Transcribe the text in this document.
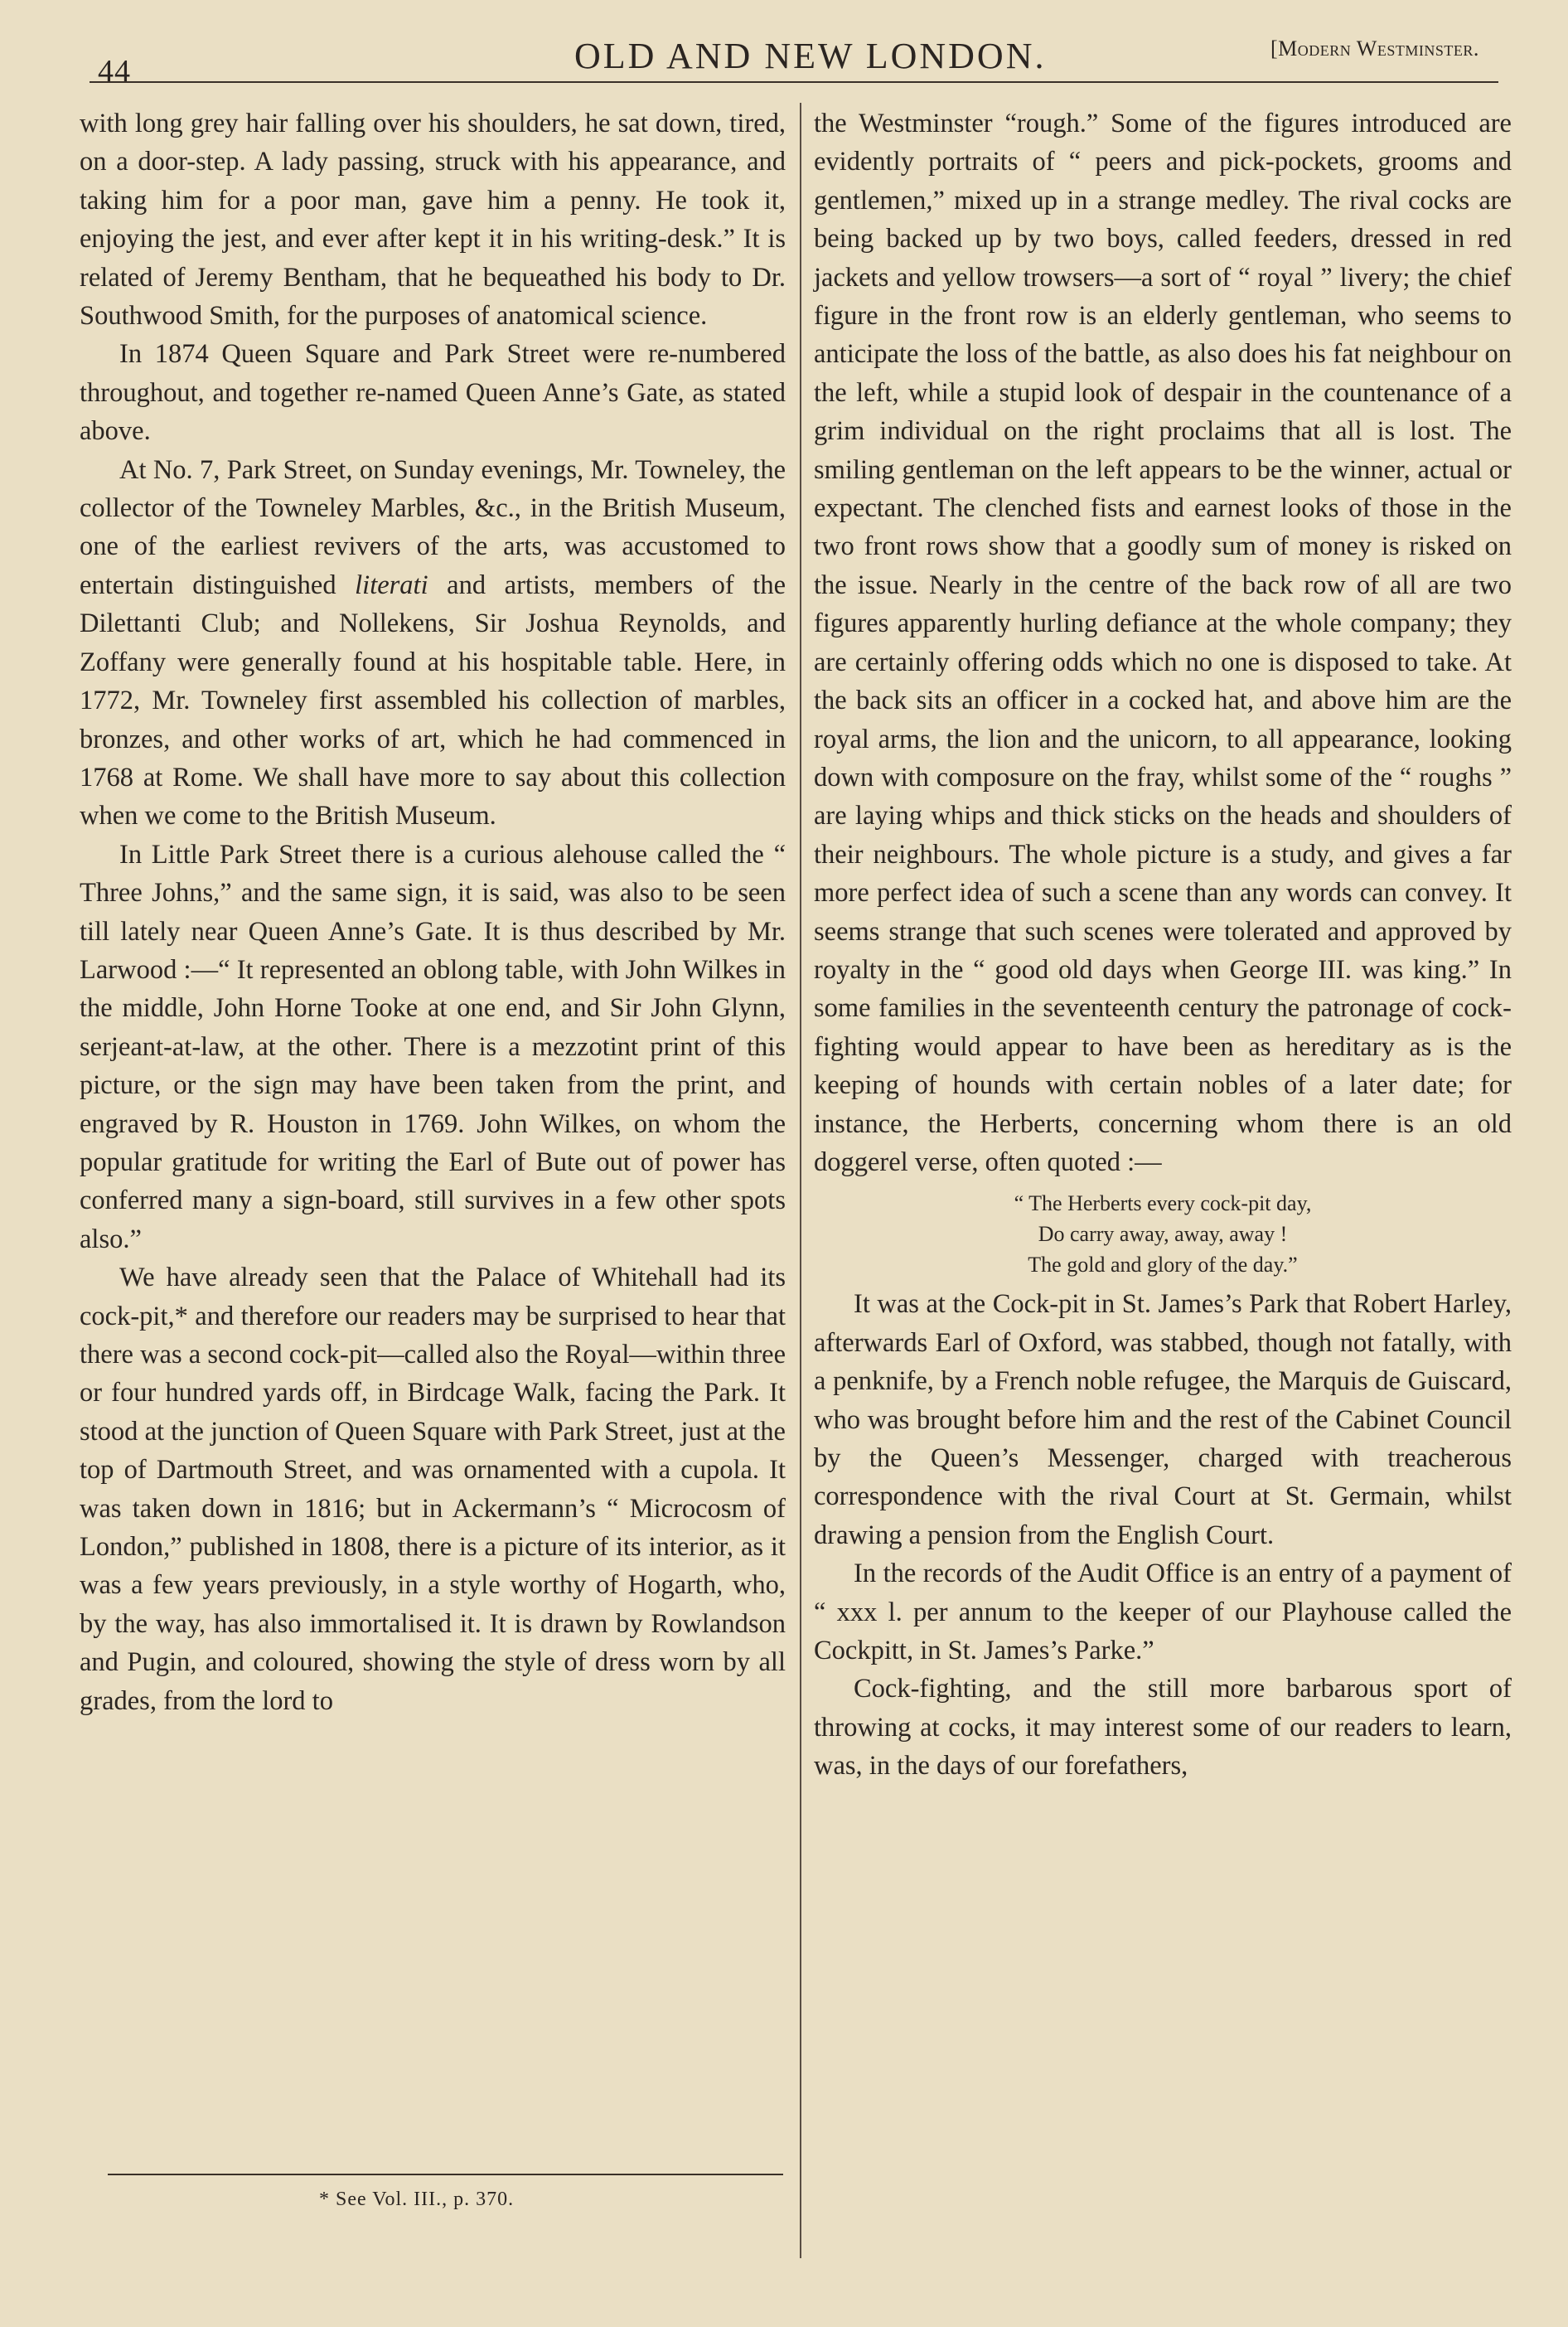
44	OLD AND NEW LONDON.	[Modern Westminster.

with long grey hair falling over his shoulders, he sat down, tired, on a door-step. A lady passing, struck with his appearance, and taking him for a poor man, gave him a penny. He took it, enjoying the jest, and ever after kept it in his writing-desk.” It is related of Jeremy Bentham, that he bequeathed his body to Dr. Southwood Smith, for the purposes of anatomical science.

In 1874 Queen Square and Park Street were re-numbered throughout, and together re-named Queen Anne’s Gate, as stated above.

At No. 7, Park Street, on Sunday evenings, Mr. Towneley, the collector of the Towneley Marbles, &c., in the British Museum, one of the earliest revivers of the arts, was accustomed to entertain distinguished literati and artists, members of the Dilettanti Club; and Nollekens, Sir Joshua Reynolds, and Zoffany were generally found at his hospitable table. Here, in 1772, Mr. Towneley first assembled his collection of marbles, bronzes, and other works of art, which he had commenced in 1768 at Rome. We shall have more to say about this collection when we come to the British Museum.

In Little Park Street there is a curious alehouse called the “ Three Johns,” and the same sign, it is said, was also to be seen till lately near Queen Anne’s Gate. It is thus described by Mr. Larwood :—“ It represented an oblong table, with John Wilkes in the middle, John Horne Tooke at one end, and Sir John Glynn, serjeant-at-law, at the other. There is a mezzotint print of this picture, or the sign may have been taken from the print, and engraved by R. Houston in 1769. John Wilkes, on whom the popular gratitude for writing the Earl of Bute out of power has conferred many a sign-board, still survives in a few other spots also.”

We have already seen that the Palace of Whitehall had its cock-pit,* and therefore our readers may be surprised to hear that there was a second cock-pit—called also the Royal—within three or four hundred yards off, in Birdcage Walk, facing the Park. It stood at the junction of Queen Square with Park Street, just at the top of Dartmouth Street, and was ornamented with a cupola. It was taken down in 1816; but in Ackermann’s “ Microcosm of London,” published in 1808, there is a picture of its interior, as it was a few years previously, in a style worthy of Hogarth, who, by the way, has also immortalised it. It is drawn by Rowlandson and Pugin, and coloured, showing the style of dress worn by all grades, from the lord to

the Westminster “rough.” Some of the figures introduced are evidently portraits of “ peers and pick-pockets, grooms and gentlemen,” mixed up in a strange medley. The rival cocks are being backed up by two boys, called feeders, dressed in red jackets and yellow trowsers—a sort of “ royal ” livery; the chief figure in the front row is an elderly gentleman, who seems to anticipate the loss of the battle, as also does his fat neighbour on the left, while a stupid look of despair in the countenance of a grim individual on the right proclaims that all is lost. The smiling gentleman on the left appears to be the winner, actual or expectant. The clenched fists and earnest looks of those in the two front rows show that a goodly sum of money is risked on the issue. Nearly in the centre of the back row of all are two figures apparently hurling defiance at the whole company; they are certainly offering odds which no one is disposed to take. At the back sits an officer in a cocked hat, and above him are the royal arms, the lion and the unicorn, to all appearance, looking down with composure on the fray, whilst some of the “ roughs ” are laying whips and thick sticks on the heads and shoulders of their neighbours. The whole picture is a study, and gives a far more perfect idea of such a scene than any words can convey. It seems strange that such scenes were tolerated and approved by royalty in the “ good old days when George III. was king.” In some families in the seventeenth century the patronage of cock-fighting would appear to have been as hereditary as is the keeping of hounds with certain nobles of a later date; for instance, the Herberts, concerning whom there is an old doggerel verse, often quoted :—

“ The Herberts every cock-pit day,
Do carry away, away, away !
The gold and glory of the day.”

It was at the Cock-pit in St. James’s Park that Robert Harley, afterwards Earl of Oxford, was stabbed, though not fatally, with a penknife, by a French noble refugee, the Marquis de Guiscard, who was brought before him and the rest of the Cabinet Council by the Queen’s Messenger, charged with treacherous correspondence with the rival Court at St. Germain, whilst drawing a pension from the English Court.

In the records of the Audit Office is an entry of a payment of “ xxx l. per annum to the keeper of our Playhouse called the Cockpitt, in St. James’s Parke.”

Cock-fighting, and the still more barbarous sport of throwing at cocks, it may interest some of our readers to learn, was, in the days of our forefathers,

* See Vol. III., p. 370.
